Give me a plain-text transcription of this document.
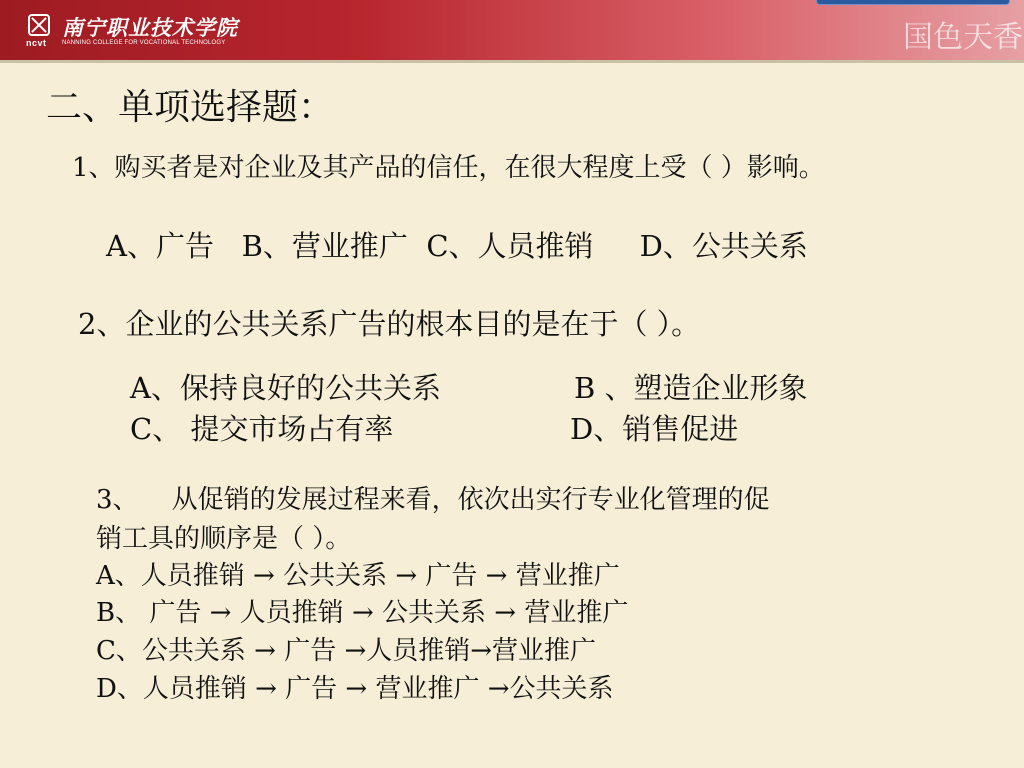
ncvt
南宁职业技术学院
NANNING COLLEGE FOR VOCATIONAL TECHNOLOGY	国色天香
二、单项选择题：
1、购买者是对企业及其产品的信任，在很大程度上受（ ）影响。
A、广告   B、营业推广  C、人员推销     D、公共关系
2、企业的公共关系广告的根本目的是在于（ ）。
A、保持良好的公共关系	B 、塑造企业形象
C、 提交市场占有率	D、销售促进
3、    从促销的发展过程来看，依次出实行专业化管理的促
销工具的顺序是（ ）。
A、人员推销 → 公共关系 → 广告 → 营业推广
B、 广告 → 人员推销 → 公共关系 → 营业推广
C、公共关系 → 广告 →人员推销→营业推广
D、人员推销 → 广告 → 营业推广 →公共关系
